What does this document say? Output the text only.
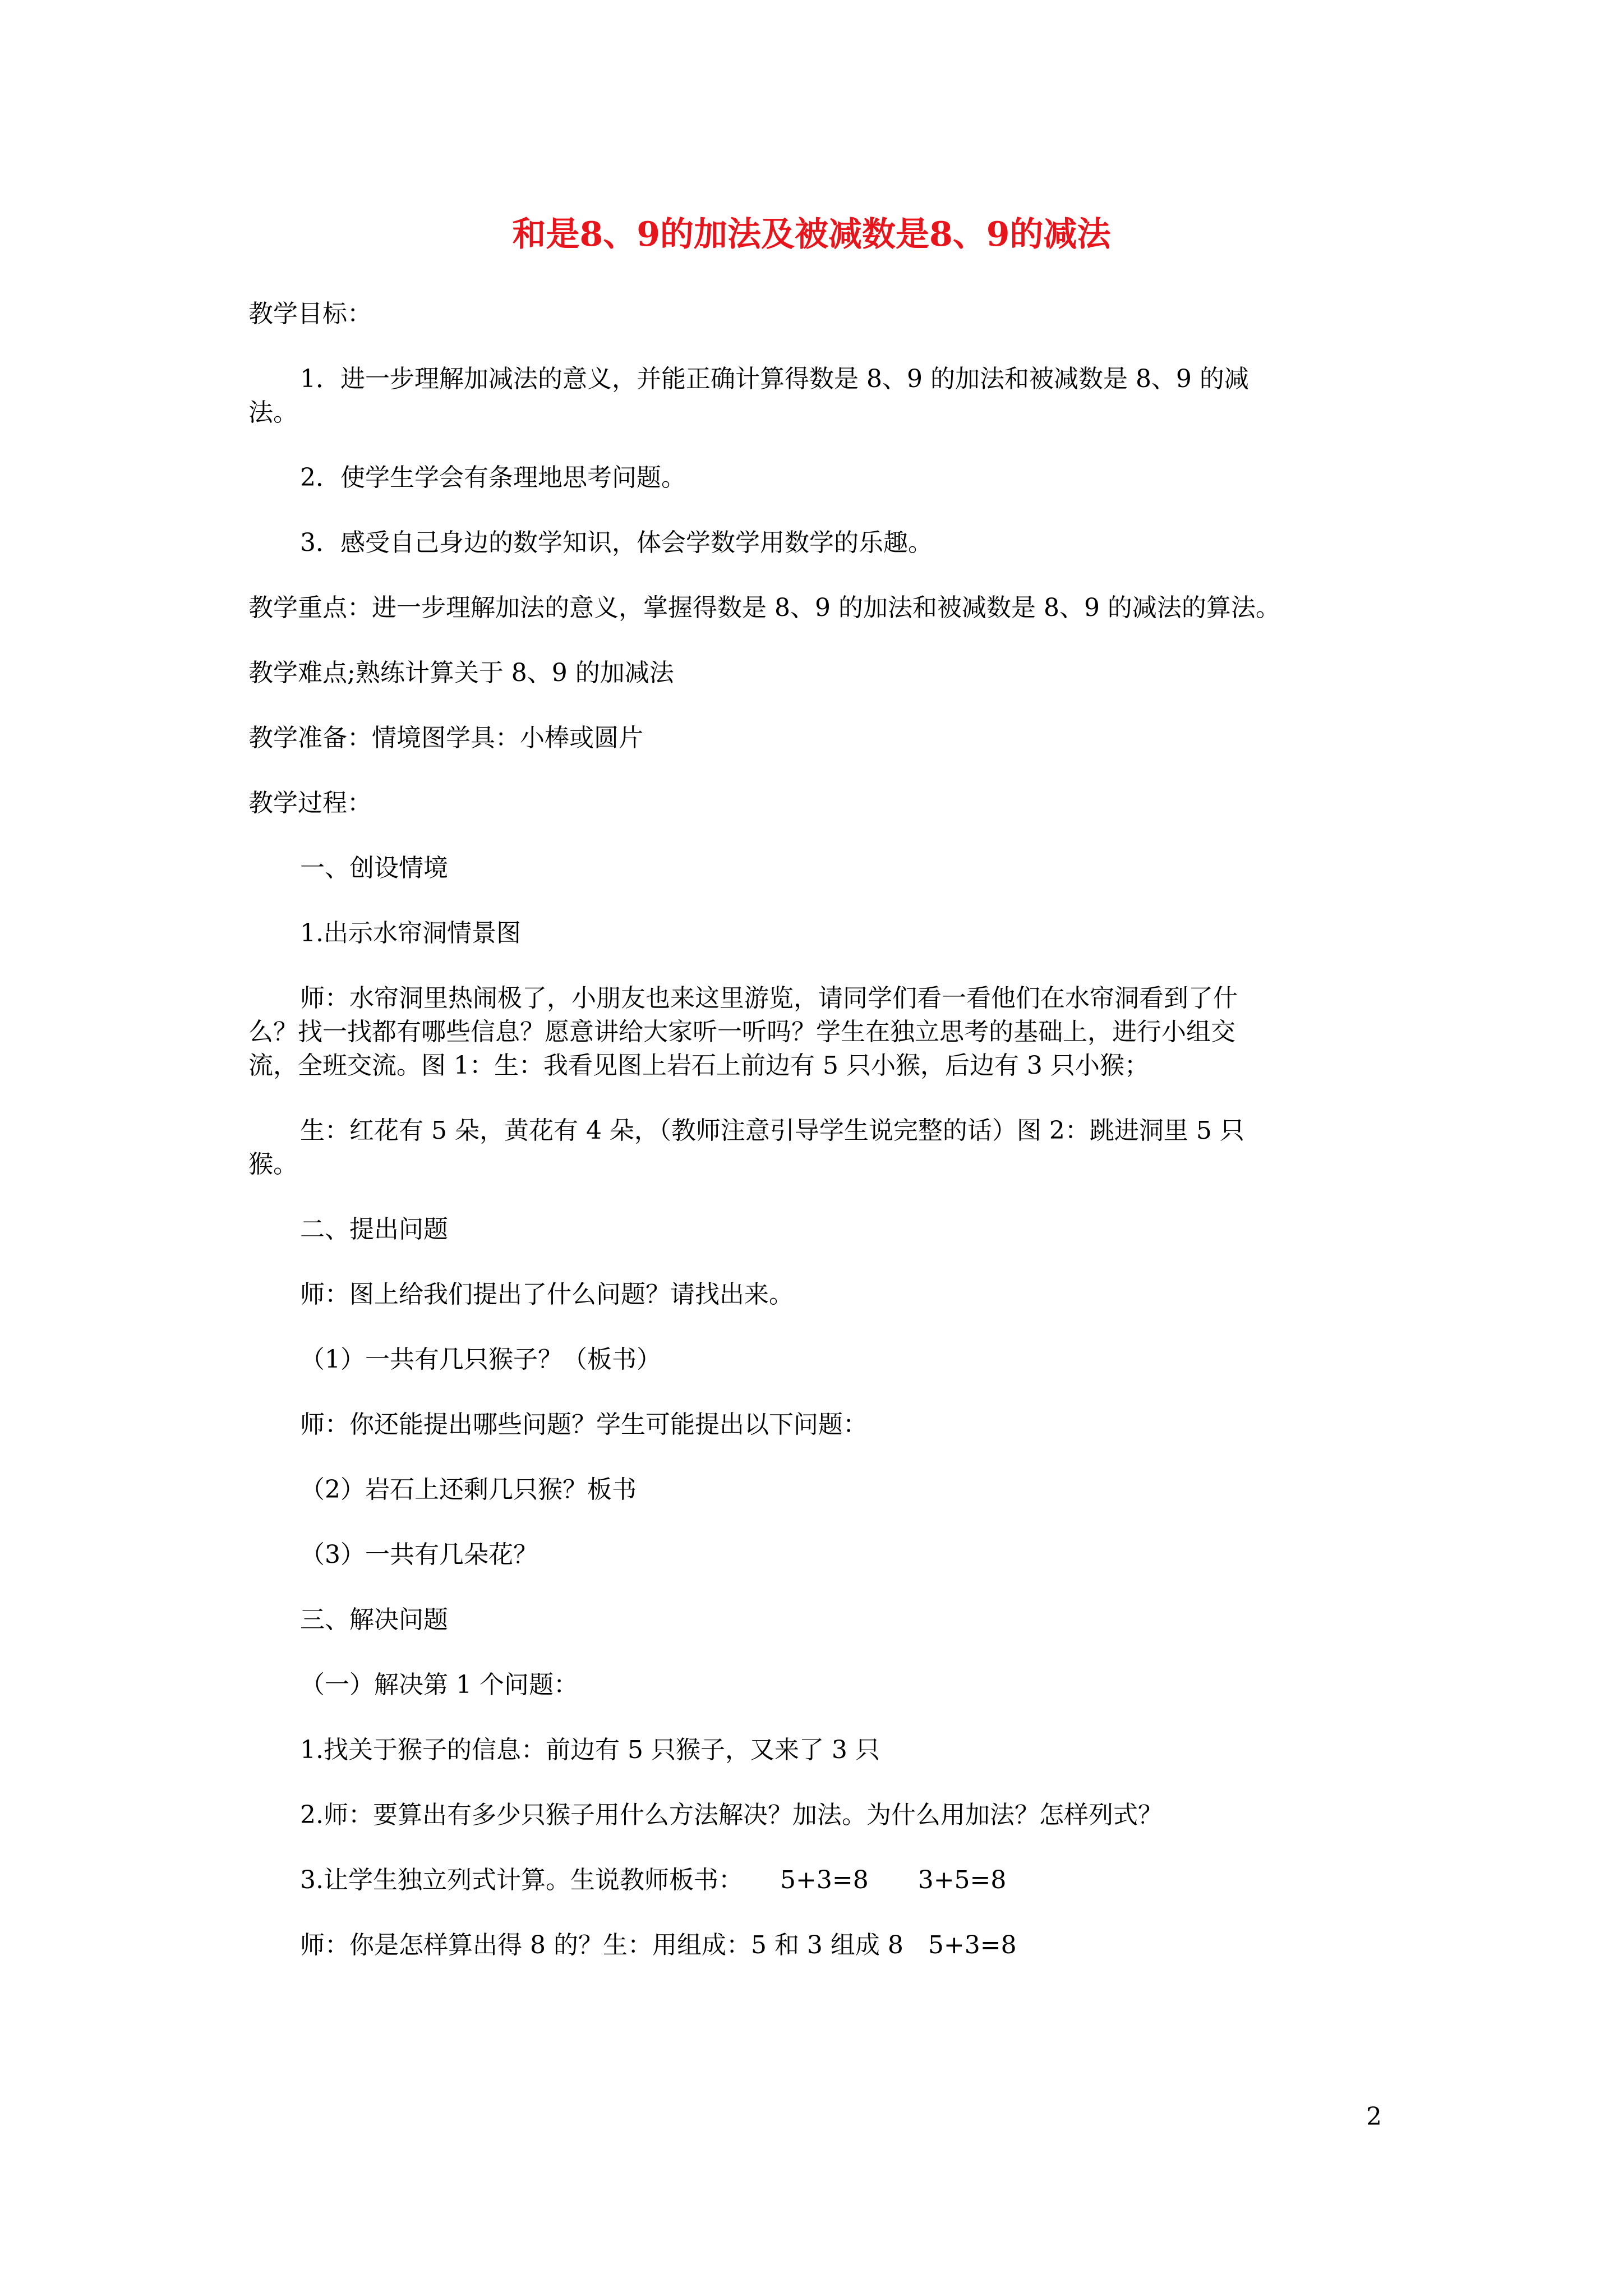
和是8、9的加法及被减数是8、9的减法
教学目标：
1．进一步理解加减法的意义，并能正确计算得数是 8、9 的加法和被减数是 8、9 的减
法。
2．使学生学会有条理地思考问题。
3．感受自己身边的数学知识，体会学数学用数学的乐趣。
教学重点：进一步理解加法的意义，掌握得数是 8、9 的加法和被减数是 8、9 的减法的算法。
教学难点;熟练计算关于 8、9 的加减法
教学准备：情境图学具：小棒或圆片
教学过程：
一、创设情境
1.出示水帘洞情景图
师：水帘洞里热闹极了，小朋友也来这里游览，请同学们看一看他们在水帘洞看到了什
么？找一找都有哪些信息？愿意讲给大家听一听吗？学生在独立思考的基础上，进行小组交
流，全班交流。图 1：生：我看见图上岩石上前边有 5 只小猴，后边有 3 只小猴；
生：红花有 5 朵，黄花有 4 朵，（教师注意引导学生说完整的话）图 2：跳进洞里 5 只
猴。
二、提出问题
师：图上给我们提出了什么问题？请找出来。
（1）一共有几只猴子？（板书）
师：你还能提出哪些问题？学生可能提出以下问题：
（2）岩石上还剩几只猴？板书
（3）一共有几朵花？
三、解决问题
（一）解决第 1 个问题：
1.找关于猴子的信息：前边有 5 只猴子，又来了 3 只
2.师：要算出有多少只猴子用什么方法解决？加法。为什么用加法？怎样列式？
3.让学生独立列式计算。生说教师板书：　　5+3=8　　3+5=8
师：你是怎样算出得 8 的？生：用组成：5 和 3 组成 8　5+3=8
2
